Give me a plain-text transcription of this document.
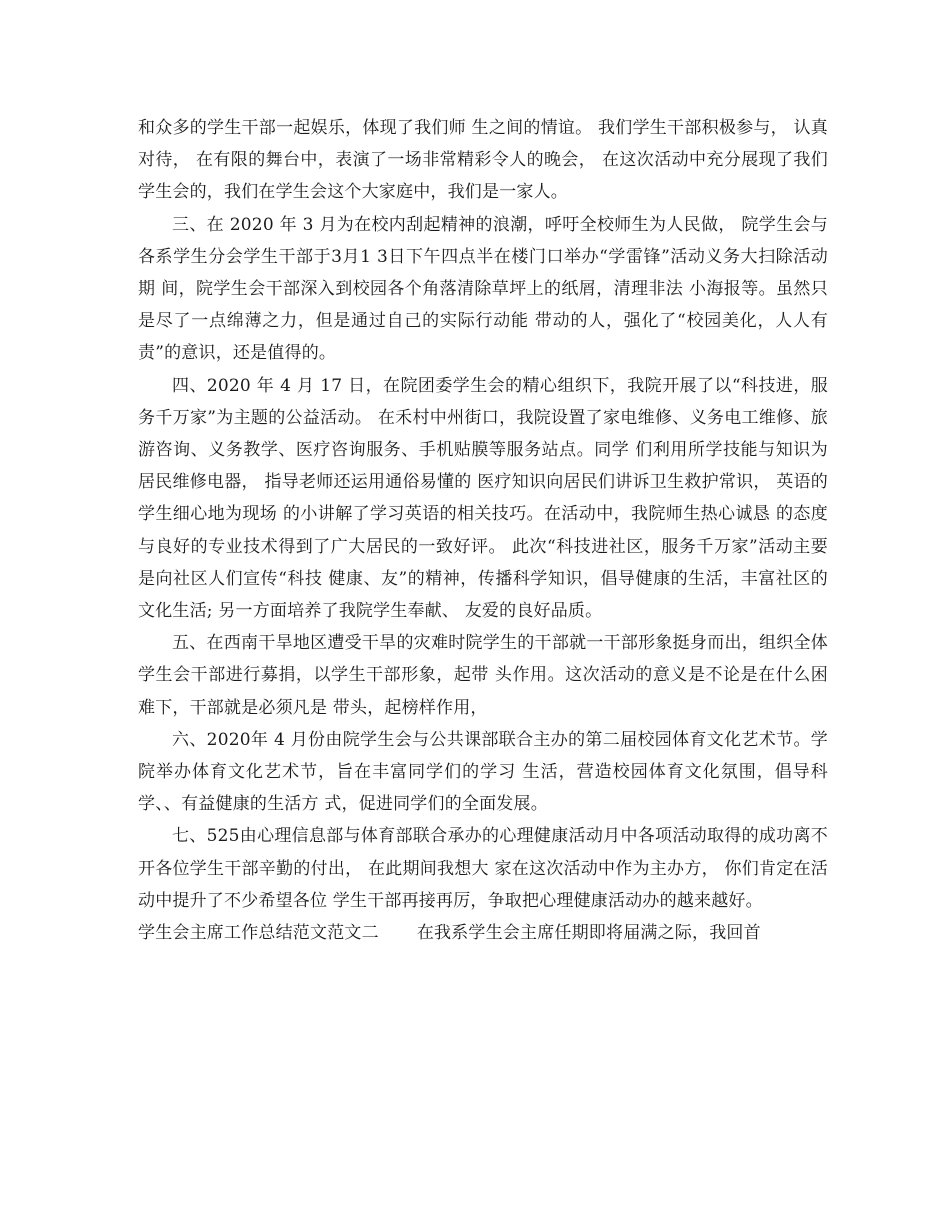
和众多的学生干部一起娱乐，体现了我们师 生之间的情谊。 我们学生干部积极参与， 认真对待， 在有限的舞台中，表演了一场非常精彩令人的晚会， 在这次活动中充分展现了我们 学生会的，我们在学生会这个大家庭中，我们是一家人。

三、在 2020 年 3 月为在校内刮起精神的浪潮，呼吁全校师生为人民做， 院学生会与各系学生分会学生干部于3月1 3日下午四点半在楼门口举办“学雷锋”活动义务大扫除活动期 间，院学生会干部深入到校园各个角落清除草坪上的纸屑，清理非法 小海报等。虽然只是尽了一点绵薄之力，但是通过自己的实际行动能 带动的人，强化了“校园美化，人人有责”的意识，还是值得的。

四、2020 年 4 月 17 日，在院团委学生会的精心组织下，我院开展了以“科技进，服务千万家”为主题的公益活动。 在禾村中州街口，我院设置了家电维修、义务电工维修、旅 游咨询、义务教学、医疗咨询服务、手机贴膜等服务站点。同学 们利用所学技能与知识为居民维修电器， 指导老师还运用通俗易懂的 医疗知识向居民们讲诉卫生救护常识， 英语的学生细心地为现场 的小讲解了学习英语的相关技巧。在活动中，我院师生热心诚恳 的态度与良好的专业技术得到了广大居民的一致好评。 此次“科技进社区，服务千万家”活动主要是向社区人们宣传“科技 健康、友”的精神，传播科学知识，倡导健康的生活，丰富社区的文化生活; 另一方面培养了我院学生奉献、 友爱的良好品质。

五、在西南干旱地区遭受干旱的灾难时院学生的干部就一干部形象挺身而出，组织全体学生会干部进行募捐，以学生干部形象，起带 头作用。这次活动的意义是不论是在什么困难下，干部就是必须凡是 带头，起榜样作用，

六、2020年 4 月份由院学生会与公共课部联合主办的第二届校园体育文化艺术节。学院举办体育文化艺术节，旨在丰富同学们的学习 生活，营造校园体育文化氛围，倡导科学、、有益健康的生活方 式，促进同学们的全面发展。

七、525由心理信息部与体育部联合承办的心理健康活动月中各项活动取得的成功离不开各位学生干部辛勤的付出， 在此期间我想大 家在这次活动中作为主办方， 你们肯定在活动中提升了不少希望各位 学生干部再接再厉，争取把心理健康活动办的越来越好。

学生会主席工作总结范文范文二 在我系学生会主席任期即将届满之际，我回首
